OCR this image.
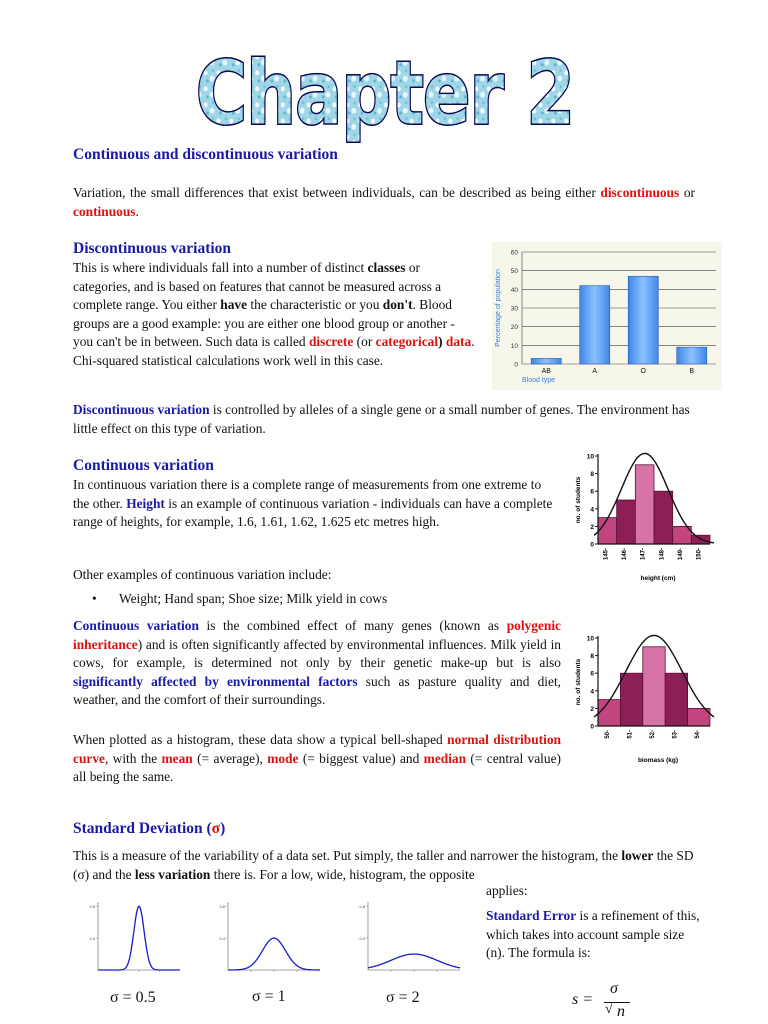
Chapter 2
Continuous and discontinuous variation

Variation, the small differences that exist between individuals, can be described as being either discontinuous or continuous.

Discontinuous variation

This is where individuals fall into a number of distinct classes or categories, and is based on features that cannot be measured across a complete range. You either have the characteristic or you don't. Blood groups are a good example: you are either one blood group or another - you can't be in between. Such data is called discrete (or categorical) data. Chi-squared statistical calculations work well in this case.	0
10
20
30
40
50
60
AB	A	O	B
Percentage of population
Blood type

Discontinuous variation is controlled by alleles of a single gene or a small number of genes. The environment has little effect on this type of variation.

Continuous variation

In continuous variation there is a complete range of measurements from one extreme to the other. Height is an example of continuous variation - individuals can have a complete range of heights, for example, 1.6, 1.61, 1.62, 1.625 etc metres high.

0
2
4
6
8
10
145- 146- 147- 148- 149- 150-
height (cm)
no. of students

Other examples of continuous variation include:

• Weight; Hand span; Shoe size; Milk yield in cows

Continuous variation is the combined effect of many genes (known as polygenic inheritance) and is often significantly affected by environmental influences. Milk yield in cows, for example, is determined not only by their genetic make-up but is also significantly affected by environmental factors such as pasture quality and diet, weather, and the comfort of their surroundings.

0
2
4
6
8
10
50-	51-	52-	53-	54-
biomass (kg)
no. of students

When plotted as a histogram, these data show a typical bell-shaped normal distribution curve, with the mean (= average), mode (= biggest value) and median (= central value) all being the same.

Standard Deviation (σ)

This is a measure of the variability of a data set. Put simply, the taller and narrower the histogram, the lower the SD (σ) and the less variation there is. For a low, wide, histogram, the opposite

applies:

Standard Error is a refinement of this, which takes into account sample size (n). The formula is:

0.4
0.8
0.4
0.8
0.4
0.8
σ = 0.5	σ = 1	σ = 2	s =
σ
√ n
